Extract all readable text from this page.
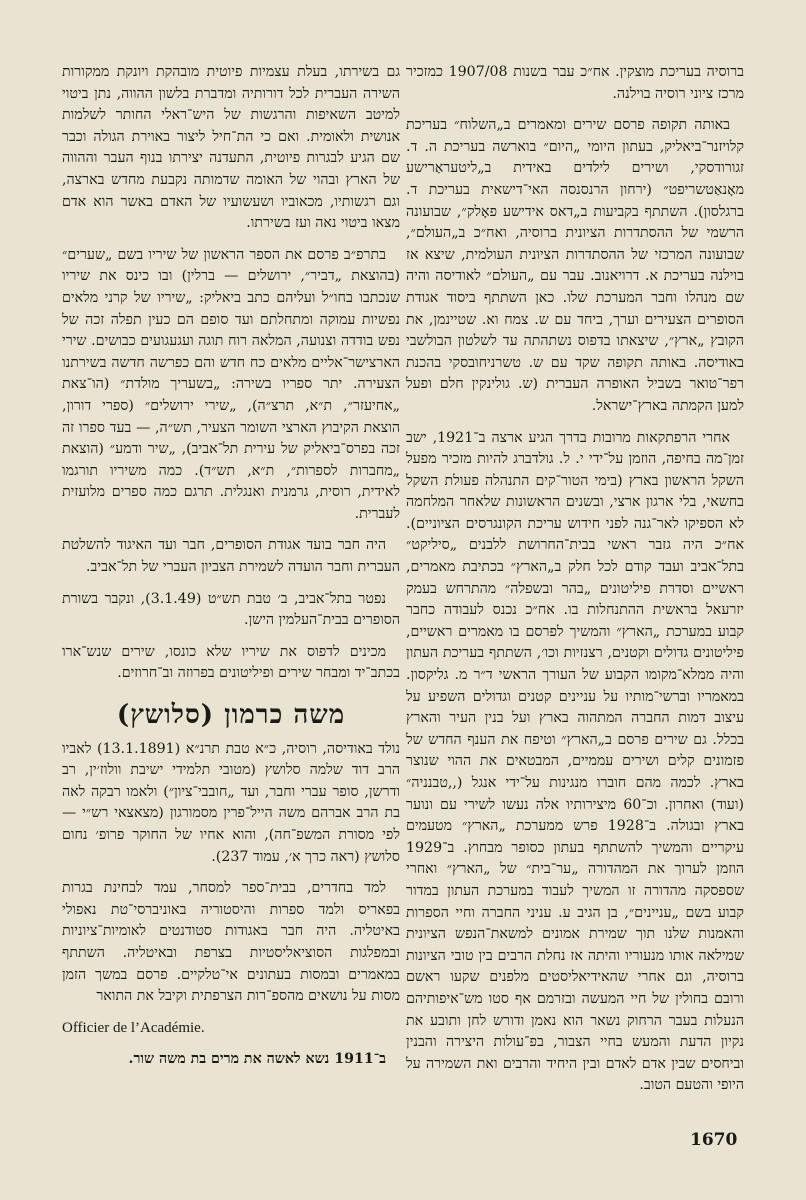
ברוסיה בעריכת מוצקין. אח״כ עבר בשנות 1907/08 כמזכיר מרכז ציוני רוסיה בוילנה.

באותה תקופה פרסם שירים ומאמרים ב„השלוח״ בעריכת קלויזנר־ביאליק, בעתון היומי „היום״ בוארשה בעריכת ה. ד. זגורודסקי, ושירים לילדים באידית ב„ליטעראַרישע מאָנאַטשריפט״ (ירחון הרנסנסה האי־דישאית בעריכת ד. ברגלסון). השתתף בקביעות ב„דאס אידישע פאָלק״, שבועונה הרשמי של ההסתדרות הציונית ברוסיה, ואח״כ ב„העולם״, שבועונה המרכזי של ההסתדרות הציונית העולמית, שיצא אז בוילנה בעריכת א. דרויאנוב. עבר עם „העולם״ לאודיסה והיה שם מנהלו וחבר המערכת שלו. כאן השתתף ביסוד אגודת הסופרים הצעירים וערך, ביחד עם ש. צמח וא. שטיינמן, את הקובץ „ארץ״, שיצאתו בדפוס נשתהתה עד לשלטון הבולשבי באודיסה. באותה תקופה שקד עם ש. טשרניחובסקי בהכנת רפר־טואר בשביל האופרה העברית (ש. גולינקין חלם ופעל למען הקמתה בארץ־ישראל.

אחרי הרפתקאות מרובות בדרך הגיע ארצה ב־1921, ישב זמן־מה בחיפה, הוזמן על־ידי י. ל. גולדברג להיות מזכיר מפעל השקל הראשון בארץ (בימי הטור־קים התנהלה פעולת השקל בחשאי, בלי ארגון ארצי, ובשנים הראשונות שלאחר המלחמה לא הספיקו לאר־גנה לפני חידוש עריכת הקונגרסים הציוניים). אח״כ היה גזבר ראשי בבית־החרושת ללבנים „סיליקט״ בתל־אביב ועבד קודם לכל חלק ב„הארץ״ בכתיבת מאמרים, ראשיים וסדרת פיליטונים „בהר ובשפלה״ מהתרחש בעמק יזרעאל בראשית ההתנחלות בו. אח״כ נכנס לעבודה כחבר קבוע במערכת „הארץ״ והמשיך לפרסם בו מאמרים ראשיים, פיליטונים גדולים וקטנים, רצנזיות וכו׳, השתתף בעריכת העתון והיה ממלא־מקומו הקבוע של העורך הראשי ד״ר מ. גליקסון. במאמריו וברשי־מותיו על עניינים קטנים וגדולים השפיע על עיצוב דמות החברה המתהוה בארץ ועל בנין העיר והארץ בכלל. גם שירים פרסם ב„הארץ״ וטיפח את הענף החדש של פזמונים קלים ושירים עממיים, המבטאים את ההוי שנוצר בארץ. לכמה מהם חוברו מנגינות על־ידי אנגל (,,טבנניה״ (ועוד) ואחרון. וכ־60 מיצירותיו אלה נעשו לשירי עם ונוער בארץ ובגולה. ב־1928 פרש ממערכת „הארץ״ מטעמים עיקריים והמשיך להשתתף בעתון כסופר מבחוץ. ב־1929 הוזמן לערוך את המהדורה „ער־בית״ של „הארץ״ ואחרי שספסקה מהדורה זו המשיך לעבוד במערכת העתון במדור קבוע בשם „עניינים״, בן הגיב ע. עניני החברה וחיי הספרות והאמנות שלנו תוך שמירת אמונים למשאת־הנפש הציונית שמילאה אותו מנעוריו והיתה אז נחלת הרבים בין טובי הציונות ברוסיה, וגם אחרי שהאידיאליסטים מלפנים שקעו ראשם ורובם בחולין של חיי המעשה ובזרמם אף סטו מש־איפותיהם הנעלות בעבר הרחוק נשאר הוא נאמן ודורש לחן ותובע את נקיון הדעת והמעש בחיי הצבור, בפ־עולות היצירה והבנין וביחסים שבין אדם לאדם ובין היחיד והרבים ואת השמירה על היופי והטעם הטוב.

גם בשירתו, בעלת עצמיות פיוטית מובהקת ויונקת ממקורות השירה העברית לכל דורותיה ומדברת בלשון ההווה, נתן ביטוי למיטב השאיפות והרגשות של היש־ראלי החותר לשלמות אנושית ולאומית. ואם כי הת־חיל ליצור באוירת הגולה וכבר שם הגיע לבגרות פיוטית, התעדנה יצירתו בנוף העבר וההווה של הארץ ובהוי של האומה שדמותה נקבעת מחדש בארצה, וגם רגשותיו, מכאוביו ושעשועיו של האדם באשר הוא אדם מצאו ביטוי נאה ועז בשירתו.

בתרפ״ב פרסם את הספר הראשון של שיריו בשם „שערים״ (בהוצאת „דביר״, ירושלים — ברלין) ובו כינס את שיריו שנכתבו בחו״ל ועליהם כתב ביאליק: „שיריו של קרני מלאים נפשיות עמוקה ומתחלתם ועד סופם הם כעין תפלה זכה של נפש בודדה וצנועה, המלאה רוח תוגה ועגעגועים כבושים. שירי הארצישר־אליים מלאים כח חדש והם כפרשה חדשה בשירתנו הצעירה. יתר ספריו בשירה: „בשעריך מולדת״ (הו־צאת „אחיעזר״, ת״א, תרצ״ה), „שירי ירושלים״ (ספרי דורון, הוצאת הקיבוץ הארצי השומר הצעיר, תש״ה, — בעד ספרו זה זכה בפרס־ביאליק של עירית תל־אביב), „שיר ודמע״ (הוצאת „מחברות לספרות״, ת״א, תש״ד). כמה משיריו תורגמו לאידית, רוסית, גרמנית ואנגלית. תרגם כמה ספרים מלועזית לעברית.

היה חבר בועד אגודת הסופרים, חבר ועד האיגוד להשלטת העברית וחבר הועדה לשמירת הצביון העברי של תל־אביב.

נפטר בתל־אביב, ב׳ טבת תש״ט (3.1.49), ונקבר בשורת הסופרים בבית־העלמין הישן.

מכינים לדפוס את שיריו שלא כונסו, שירים שנש־ארו בכתב־יד ומבחר שירים ופיליטונים בפרוזה וב־חרוזים.

משה כרמון (סלושץ)

נולד באודיסה, רוסיה, כ״א טבת תרנ״א (13.1.1891) לאביו הרב דוד שלמה סלושץ (מטובי תלמידי ישיבת וולוז׳ין, רב ודרשן, סופר עברי וחבר, ועד „חובבי־ציון״) ולאמו רבקה לאה בת הרב אברהם משה הייל־פרין מסמורגון (מצאצאי רש״י — לפי מסורת המשפ־חה), והוא אחיו של החוקר פרופ׳ נחום סלושץ (ראה כרך א׳, עמוד 237).

למד בחדרים, בבית־ספר למסחר, עמד לבחינת בגרות בפאריס ולמד ספרות והיסטוריה באוניברסי־טת נאפולי באיטליה. היה חבר באגודות סטודנטים לאומיות־ציוניות ובמפלגות הסוציאליסטיות בצרפת ובאיטליה. השתתף במאמרים ובמסות בעתונים אי־טלקיים. פרסם במשך הזמן מסות על נושאים מהספ־רות הצרפתית וקיבל את התואר

Officier de l’Académie.

ב־1911 נשא לאשה את מרים בת משה שור.

1670
